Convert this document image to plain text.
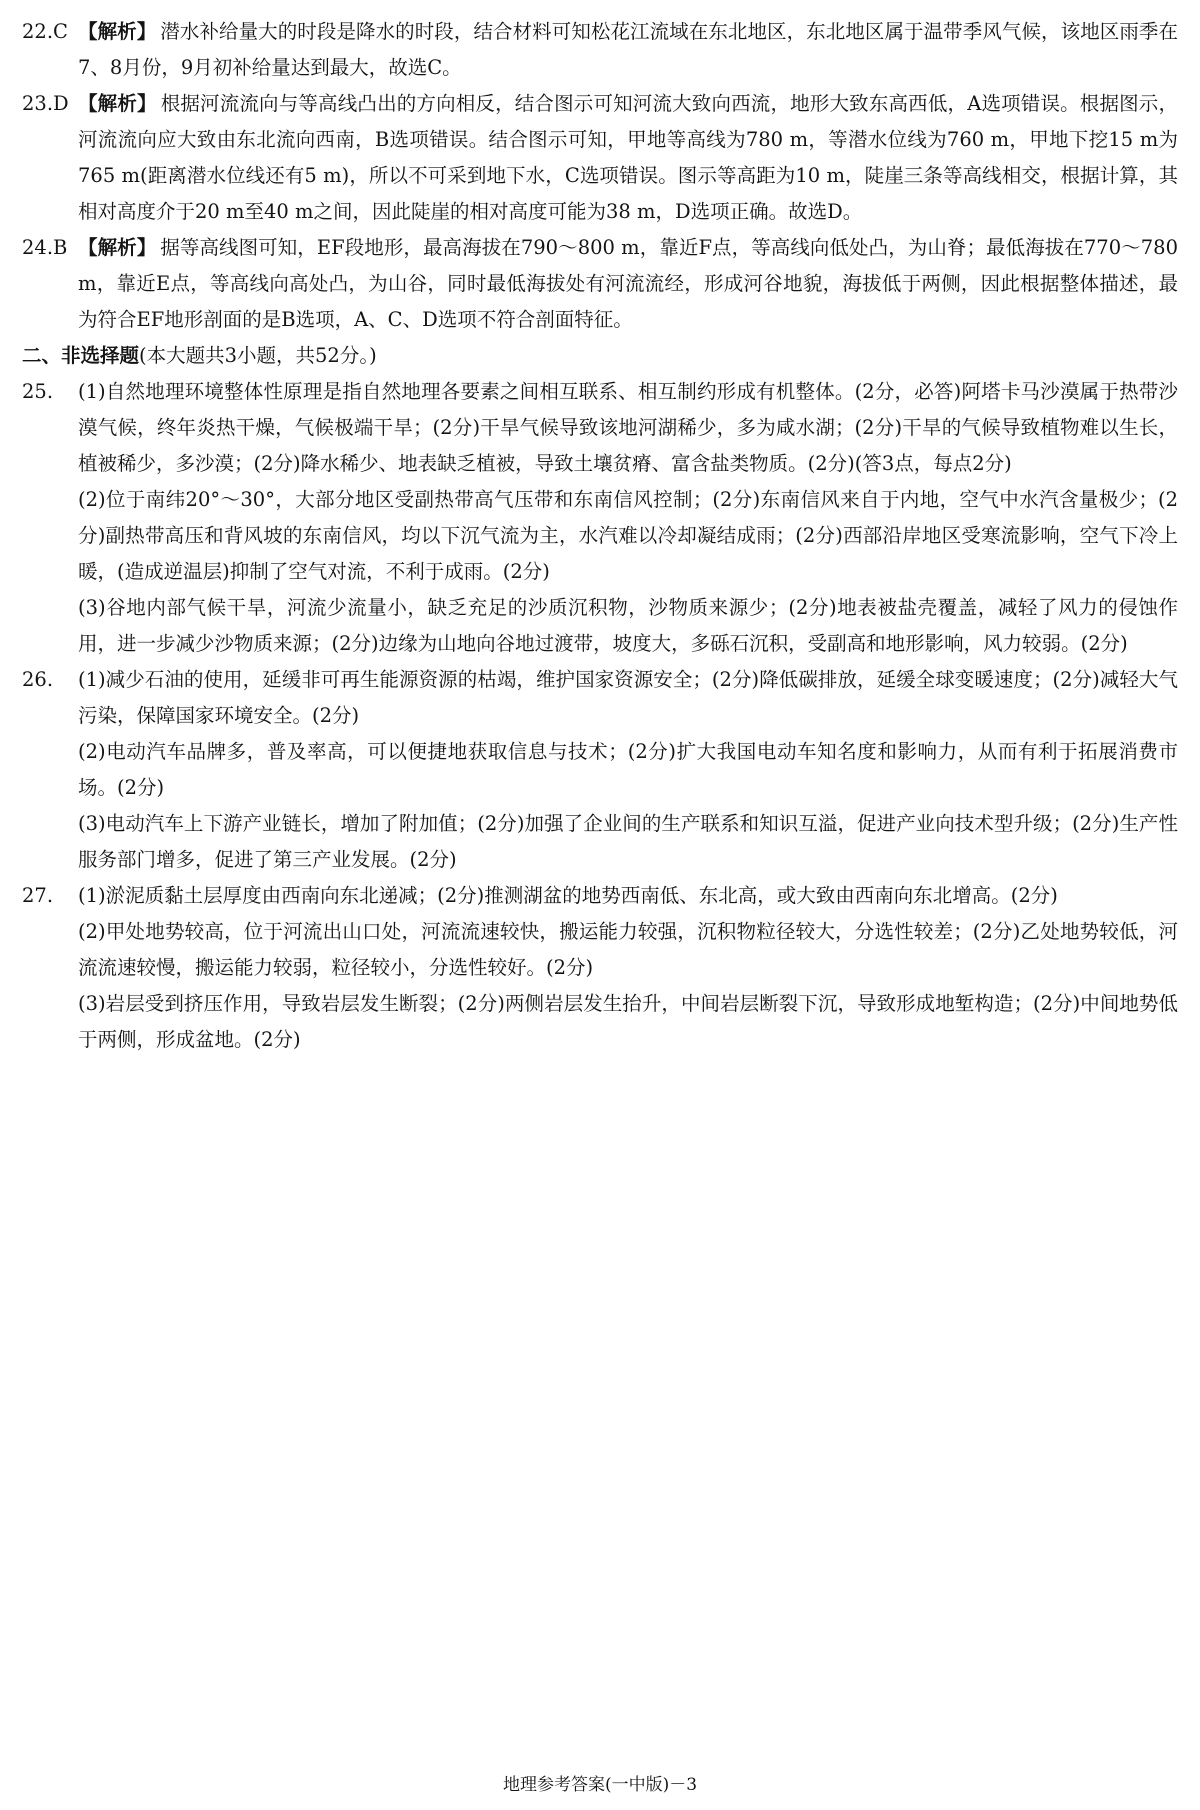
22.C 【解析】 潜水补给量大的时段是降水的时段，结合材料可知松花江流域在东北地区，东北地区属于温带季风气候，该地区雨季在7、8月份，9月初补给量达到最大，故选C。
23.D 【解析】 根据河流流向与等高线凸出的方向相反，结合图示可知河流大致向西流，地形大致东高西低，A选项错误。根据图示，河流流向应大致由东北流向西南，B选项错误。结合图示可知，甲地等高线为780 m，等潜水位线为760 m，甲地下挖15 m为765 m(距离潜水位线还有5 m)，所以不可采到地下水，C选项错误。图示等高距为10 m，陡崖三条等高线相交，根据计算，其相对高度介于20 m至40 m之间，因此陡崖的相对高度可能为38 m，D选项正确。故选D。
24.B 【解析】 据等高线图可知，EF段地形，最高海拔在790～800 m，靠近F点，等高线向低处凸，为山脊；最低海拔在770～780 m，靠近E点，等高线向高处凸，为山谷，同时最低海拔处有河流流经，形成河谷地貌，海拔低于两侧，因此根据整体描述，最为符合EF地形剖面的是B选项，A、C、D选项不符合剖面特征。
二、非选择题(本大题共3小题，共52分。)
25. (1)自然地理环境整体性原理是指自然地理各要素之间相互联系、相互制约形成有机整体。(2分，必答)阿塔卡马沙漠属于热带沙漠气候，终年炎热干燥，气候极端干旱；(2分)干旱气候导致该地河湖稀少，多为咸水湖；(2分)干旱的气候导致植物难以生长，植被稀少，多沙漠；(2分)降水稀少、地表缺乏植被，导致土壤贫瘠、富含盐类物质。(2分)(答3点，每点2分)
(2)位于南纬20°～30°，大部分地区受副热带高气压带和东南信风控制；(2分)东南信风来自于内地，空气中水汽含量极少；(2分)副热带高压和背风坡的东南信风，均以下沉气流为主，水汽难以冷却凝结成雨；(2分)西部沿岸地区受寒流影响，空气下冷上暖，(造成逆温层)抑制了空气对流，不利于成雨。(2分)
(3)谷地内部气候干旱，河流少流量小，缺乏充足的沙质沉积物，沙物质来源少；(2分)地表被盐壳覆盖，减轻了风力的侵蚀作用，进一步减少沙物质来源；(2分)边缘为山地向谷地过渡带，坡度大，多砾石沉积，受副高和地形影响，风力较弱。(2分)
26. (1)减少石油的使用，延缓非可再生能源资源的枯竭，维护国家资源安全；(2分)降低碳排放，延缓全球变暖速度；(2分)减轻大气污染，保障国家环境安全。(2分)
(2)电动汽车品牌多，普及率高，可以便捷地获取信息与技术；(2分)扩大我国电动车知名度和影响力，从而有利于拓展消费市场。(2分)
(3)电动汽车上下游产业链长，增加了附加值；(2分)加强了企业间的生产联系和知识互溢，促进产业向技术型升级；(2分)生产性服务部门增多，促进了第三产业发展。(2分)
27. (1)淤泥质黏土层厚度由西南向东北递减；(2分)推测湖盆的地势西南低、东北高，或大致由西南向东北增高。(2分)
(2)甲处地势较高，位于河流出山口处，河流流速较快，搬运能力较强，沉积物粒径较大，分选性较差；(2分)乙处地势较低，河流流速较慢，搬运能力较弱，粒径较小，分选性较好。(2分)
(3)岩层受到挤压作用，导致岩层发生断裂；(2分)两侧岩层发生抬升，中间岩层断裂下沉，导致形成地堑构造；(2分)中间地势低于两侧，形成盆地。(2分)
地理参考答案(一中版)－3
